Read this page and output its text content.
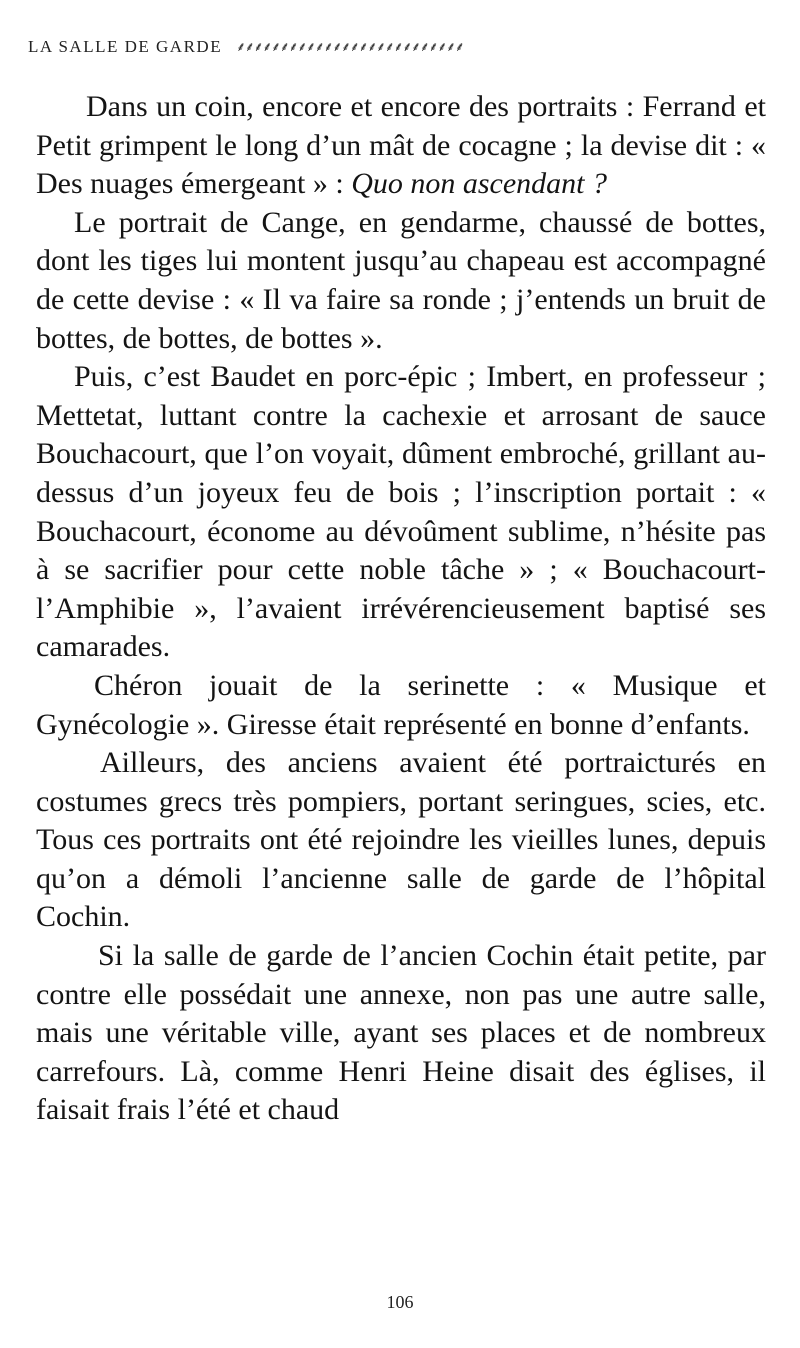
LA SALLE DE GARDE ⸙⸙⸙⸙⸙⸙⸙⸙⸙⸙⸙⸙⸙⸙⸙⸙⸙⸙⸙⸙⸙⸙⸙⸙⸙⸙

Dans un coin, encore et encore des portraits : Ferrand et Petit grimpent le long d’un mât de cocagne ; la devise dit : « Des nuages émergeant » : Quo non ascendant ?

Le portrait de Cange, en gendarme, chaussé de bottes, dont les tiges lui montent jusqu’au chapeau est accompagné de cette devise : « Il va faire sa ronde ; j’entends un bruit de bottes, de bottes, de bottes ».

Puis, c’est Baudet en porc-épic ; Imbert, en professeur ; Mettetat, luttant contre la cachexie et arrosant de sauce Bouchacourt, que l’on voyait, dûment embroché, grillant au-dessus d’un joyeux feu de bois ; l’inscription portait : « Bouchacourt, économe au dévoûment sublime, n’hésite pas à se sacrifier pour cette noble tâche » ; « Bouchacourt-l’Amphibie », l’avaient irrévérencieusement baptisé ses camarades.

Chéron jouait de la serinette : « Musique et Gynécologie ». Giresse était représenté en bonne d’enfants.

Ailleurs, des anciens avaient été portraicturés en costumes grecs très pompiers, portant seringues, scies, etc. Tous ces portraits ont été rejoindre les vieilles lunes, depuis qu’on a démoli l’ancienne salle de garde de l’hôpital Cochin.

Si la salle de garde de l’ancien Cochin était petite, par contre elle possédait une annexe, non pas une autre salle, mais une véritable ville, ayant ses places et de nombreux carrefours. Là, comme Henri Heine disait des églises, il faisait frais l’été et chaud

106
